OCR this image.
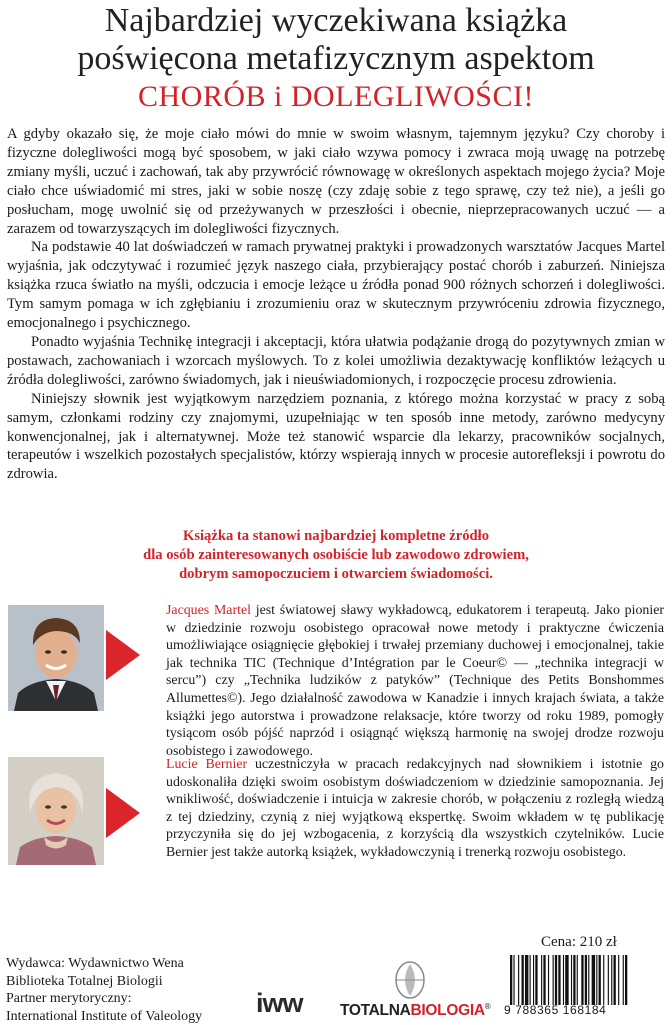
Najbardziej wyczekiwana książka
poświęcona metafizycznym aspektom
CHORÓB i DOLEGLIWOŚCI!

A gdyby okazało się, że moje ciało mówi do mnie w swoim własnym, tajemnym języku? Czy choroby i fizyczne dolegliwości mogą być sposobem, w jaki ciało wzywa pomocy i zwraca moją uwagę na potrzebę zmiany myśli, uczuć i zachowań, tak aby przywrócić równowagę w określonych aspektach mojego życia? Moje ciało chce uświadomić mi stres, jaki w sobie noszę (czy zdaję sobie z tego sprawę, czy też nie), a jeśli go posłucham, mogę uwolnić się od przeżywanych w przeszłości i obecnie, nieprzepracowanych uczuć — a zarazem od towarzyszących im dolegliwości fizycznych.

Na podstawie 40 lat doświadczeń w ramach prywatnej praktyki i prowadzonych warsztatów Jacques Martel wyjaśnia, jak odczytywać i rozumieć język naszego ciała, przybierający postać chorób i zaburzeń. Niniejsza książka rzuca światło na myśli, odczucia i emocje leżące u źródła ponad 900 różnych schorzeń i dolegliwości. Tym samym pomaga w ich zgłębianiu i zrozumieniu oraz w skutecznym przywróceniu zdrowia fizycznego, emocjonalnego i psychicznego.

Ponadto wyjaśnia Technikę integracji i akceptacji, która ułatwia podążanie drogą do pozytywnych zmian w postawach, zachowaniach i wzorcach myślowych. To z kolei umożliwia dezaktywację konfliktów leżących u źródła dolegliwości, zarówno świadomych, jak i nieuświadomionych, i rozpoczęcie procesu zdrowienia.

Niniejszy słownik jest wyjątkowym narzędziem poznania, z którego można korzystać w pracy z sobą samym, członkami rodziny czy znajomymi, uzupełniając w ten sposób inne metody, zarówno medycyny konwencjonalnej, jak i alternatywnej. Może też stanowić wsparcie dla lekarzy, pracowników socjalnych, terapeutów i wszelkich pozostałych specjalistów, którzy wspierają innych w procesie autorefleksji i powrotu do zdrowia.

Książka ta stanowi najbardziej kompletne źródło
dla osób zainteresowanych osobiście lub zawodowo zdrowiem,
dobrym samopoczuciem i otwarciem świadomości.
Jacques Martel jest światowej sławy wykładowcą, edukatorem i terapeutą. Jako pionier w dziedzinie rozwoju osobistego opracował nowe metody i praktyczne ćwiczenia umożliwiające osiągnięcie głębokiej i trwałej przemiany duchowej i emocjonalnej, takie jak technika TIC (Technique d’Intégration par le Coeur© — „technika integracji w sercu”) czy „Technika ludzików z patyków” (Technique des Petits Bonshommes Allumettes©). Jego działalność zawodowa w Kanadzie i innych krajach świata, a także książki jego autorstwa i prowadzone relaksacje, które tworzy od roku 1989, pomogły tysiącom osób pójść naprzód i osiągnąć większą harmonię na swojej drodze rozwoju osobistego i zawodowego.
Lucie Bernier uczestniczyła w pracach redakcyjnych nad słownikiem i istotnie go udoskonaliła dzięki swoim osobistym doświadczeniom w dziedzinie samopoznania. Jej wnikliwość, doświadczenie i intuicja w zakresie chorób, w połączeniu z rozległą wiedzą z tej dziedziny, czynią z niej wyjątkową ekspertkę. Swoim wkładem w tę publikację przyczyniła się do jej wzbogacenia, z korzyścią dla wszystkich czytelników. Lucie Bernier jest także autorką książek, wykładowczynią i trenerką rozwoju osobistego.
Wydawca: Wydawnictwo Wena
Biblioteka Totalnej Biologii
Partner merytoryczny:
International Institute of Valeology	iww TOTALNABIOLOGIA®
Cena: 210 zł
9 788365 168184
